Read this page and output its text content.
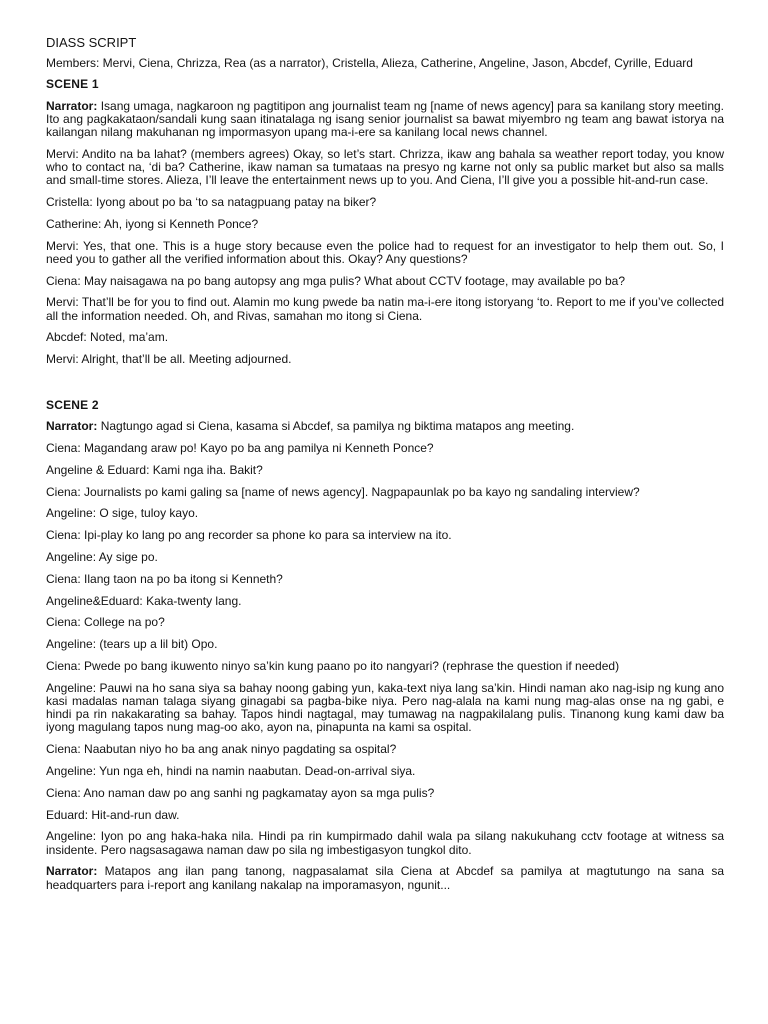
DIASS SCRIPT
Members: Mervi, Ciena, Chrizza, Rea (as a narrator), Cristella, Alieza, Catherine, Angeline, Jason, Abcdef, Cyrille, Eduard
SCENE 1
Narrator: Isang umaga, nagkaroon ng pagtitipon ang journalist team ng [name of news agency] para sa kanilang story meeting. Ito ang pagkakataon/sandali kung saan itinatalaga ng isang senior journalist sa bawat miyembro ng team ang bawat istorya na kailangan nilang makuhanan ng impormasyon upang ma-i-ere sa kanilang local news channel.
Mervi: Andito na ba lahat? (members agrees) Okay, so let’s start. Chrizza, ikaw ang bahala sa weather report today, you know who to contact na, ‘di ba? Catherine, ikaw naman sa tumataas na presyo ng karne not only sa public market but also sa malls and small-time stores. Alieza, I’ll leave the entertainment news up to you. And Ciena, I’ll give you a possible hit-and-run case.
Cristella: Iyong about po ba ‘to sa natagpuang patay na biker?
Catherine: Ah, iyong si Kenneth Ponce?
Mervi: Yes, that one. This is a huge story because even the police had to request for an investigator to help them out. So, I need you to gather all the verified information about this. Okay? Any questions?
Ciena: May naisagawa na po bang autopsy ang mga pulis? What about CCTV footage, may available po ba?
Mervi: That’ll be for you to find out. Alamin mo kung pwede ba natin ma-i-ere itong istoryang ‘to. Report to me if you’ve collected all the information needed. Oh, and Rivas, samahan mo itong si Ciena.
Abcdef: Noted, ma’am.
Mervi: Alright, that’ll be all. Meeting adjourned.
SCENE 2
Narrator: Nagtungo agad si Ciena, kasama si Abcdef, sa pamilya ng biktima matapos ang meeting.
Ciena: Magandang araw po! Kayo po ba ang pamilya ni Kenneth Ponce?
Angeline & Eduard: Kami nga iha. Bakit?
Ciena: Journalists po kami galing sa [name of news agency]. Nagpapaunlak po ba kayo ng sandaling interview?
Angeline: O sige, tuloy kayo.
Ciena: Ipi-play ko lang po ang recorder sa phone ko para sa interview na ito.
Angeline: Ay sige po.
Ciena: Ilang taon na po ba itong si Kenneth?
Angeline&Eduard: Kaka-twenty lang.
Ciena: College na po?
Angeline: (tears up a lil bit) Opo.
Ciena: Pwede po bang ikuwento ninyo sa’kin kung paano po ito nangyari? (rephrase the question if needed)
Angeline: Pauwi na ho sana siya sa bahay noong gabing yun, kaka-text niya lang sa’kin. Hindi naman ako nag-isip ng kung ano kasi madalas naman talaga siyang ginagabi sa pagba-bike niya. Pero nag-alala na kami nung mag-alas onse na ng gabi, e hindi pa rin nakakarating sa bahay. Tapos hindi nagtagal, may tumawag na nagpakilalang pulis. Tinanong kung kami daw ba iyong magulang tapos nung mag-oo ako, ayon na, pinapunta na kami sa ospital.
Ciena: Naabutan niyo ho ba ang anak ninyo pagdating sa ospital?
Angeline: Yun nga eh, hindi na namin naabutan. Dead-on-arrival siya.
Ciena: Ano naman daw po ang sanhi ng pagkamatay ayon sa mga pulis?
Eduard: Hit-and-run daw.
Angeline: Iyon po ang haka-haka nila. Hindi pa rin kumpirmado dahil wala pa silang nakukuhang cctv footage at witness sa insidente. Pero nagsasagawa naman daw po sila ng imbestigasyon tungkol dito.
Narrator: Matapos ang ilan pang tanong, nagpasalamat sila Ciena at Abcdef sa pamilya at magtutungo na sana sa headquarters para i-report ang kanilang nakalap na imporamasyon, ngunit...
